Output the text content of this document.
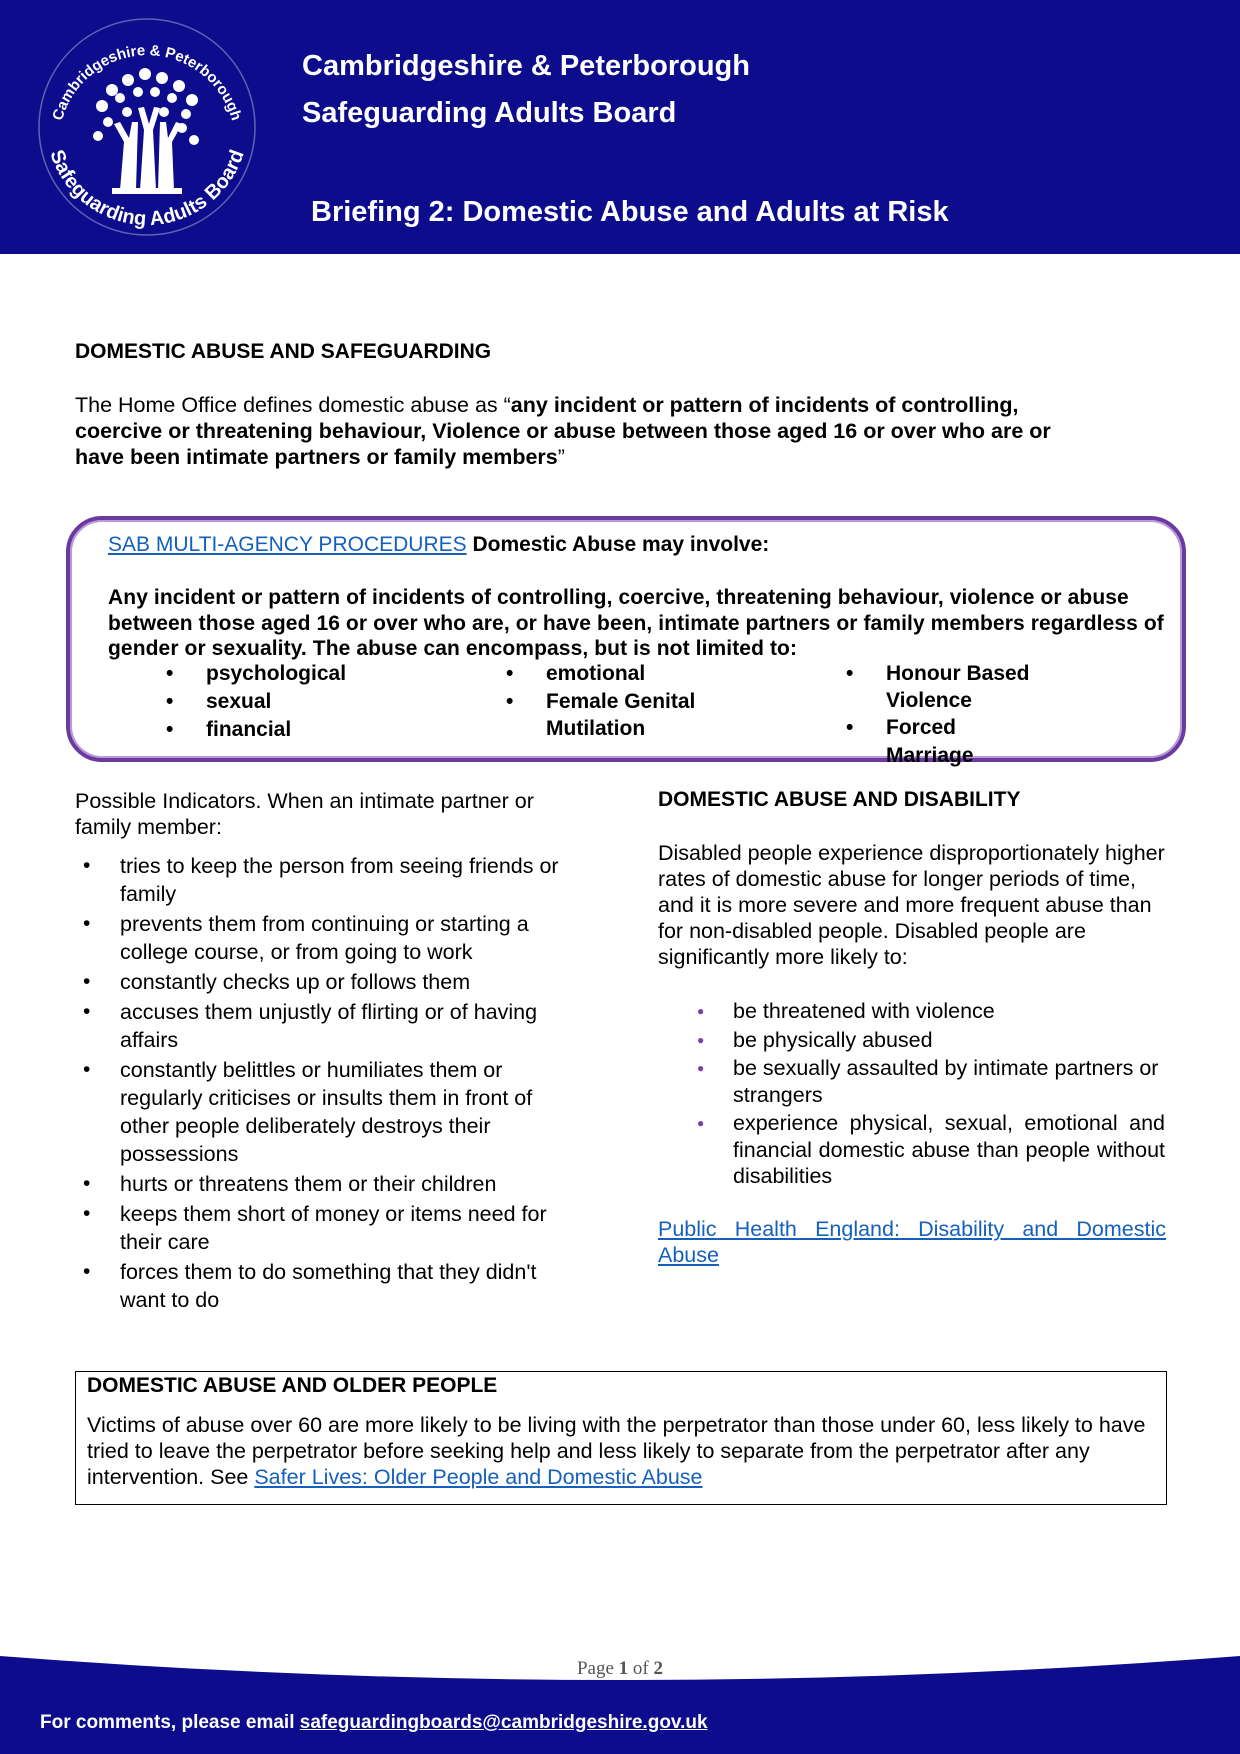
Cambridgeshire & Peterborough
Safeguarding Adults Board
Cambridgeshire & Peterborough
Safeguarding Adults Board
Briefing 2: Domestic Abuse and Adults at Risk
DOMESTIC ABUSE AND SAFEGUARDING
The Home Office defines domestic abuse as “any incident or pattern of incidents of controlling,
coercive or threatening behaviour, Violence or abuse between those aged 16 or over who are or
have been intimate partners or family members”
SAB MULTI-AGENCY PROCEDURES Domestic Abuse may involve:
Any incident or pattern of incidents of controlling, coercive, threatening behaviour, violence or abuse between those aged 16 or over who are, or have been, intimate partners or family members regardless of gender or sexuality. The abuse can encompass, but is not limited to:
• psychological
• sexual
• financial
• emotional
• Female Genital Mutilation
• Honour Based Violence
• Forced Marriage
Possible Indicators. When an intimate partner or family member:
• tries to keep the person from seeing friends or family
• prevents them from continuing or starting a college course, or from going to work
• constantly checks up or follows them
• accuses them unjustly of flirting or of having affairs
• constantly belittles or humiliates them or regularly criticises or insults them in front of other people deliberately destroys their possessions
• hurts or threatens them or their children
• keeps them short of money or items need for their care
• forces them to do something that they didn't want to do
DOMESTIC ABUSE AND DISABILITY
Disabled people experience disproportionately higher rates of domestic abuse for longer periods of time, and it is more severe and more frequent abuse than for non-disabled people. Disabled people are significantly more likely to:
● be threatened with violence
● be physically abused
● be sexually assaulted by intimate partners or strangers
● experience physical, sexual, emotional and financial domestic abuse than people without disabilities
Public Health England: Disability and Domestic Abuse
DOMESTIC ABUSE AND OLDER PEOPLE
Victims of abuse over 60 are more likely to be living with the perpetrator than those under 60, less likely to have tried to leave the perpetrator before seeking help and less likely to separate from the perpetrator after any intervention. See Safer Lives: Older People and Domestic Abuse
Page 1 of 2
For comments, please email safeguardingboards@cambridgeshire.gov.uk
